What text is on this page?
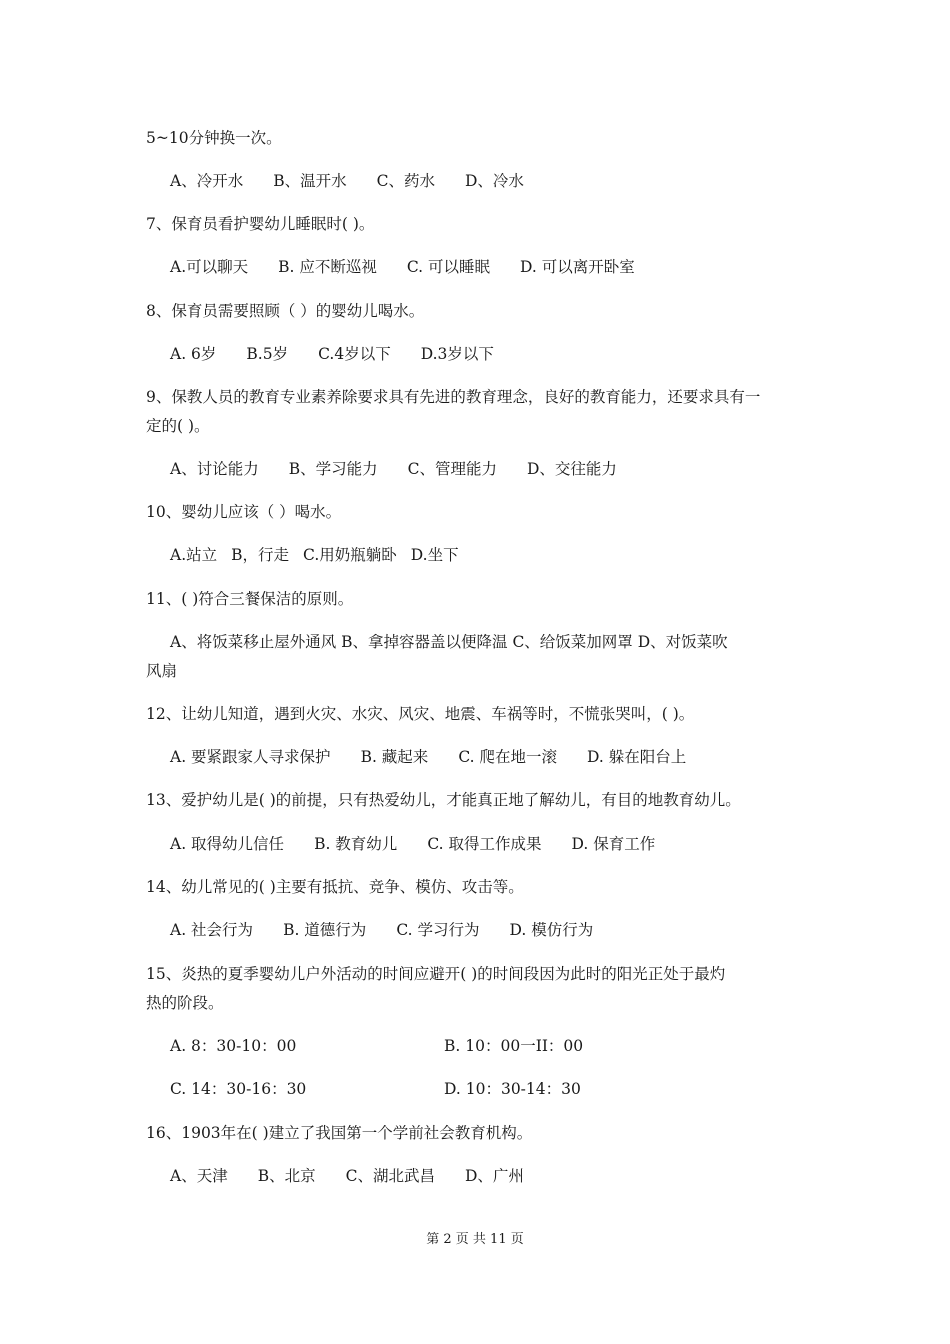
5~10分钟换一次。
A、冷开水 B、温开水 C、药水 D、冷水
7、保育员看护婴幼儿睡眠时( )。
A.可以聊天 B. 应不断巡视 C. 可以睡眠 D. 可以离开卧室
8、保育员需要照顾（ ）的婴幼儿喝水。
A. 6岁 B.5岁 C.4岁以下 D.3岁以下
9、保教人员的教育专业素养除要求具有先进的教育理念，良好的教育能力，还要求具有一
定的( )。
A、讨论能力 B、学习能力 C、管理能力 D、交往能力
10、婴幼儿应该（ ）喝水。
A.站立 B，行走 C.用奶瓶躺卧 D.坐下
11、( )符合三餐保洁的原则。
A、将饭菜移止屋外通风 B、拿掉容器盖以便降温 C、给饭菜加网罩 D、对饭菜吹
风扇
12、让幼儿知道，遇到火灾、水灾、风灾、地震、车祸等时，不慌张哭叫，( )。
A. 要紧跟家人寻求保护 B. 藏起来 C. 爬在地一滚 D. 躲在阳台上
13、爱护幼儿是( )的前提，只有热爱幼儿，才能真正地了解幼儿，有目的地教育幼儿。
A. 取得幼儿信任 B. 教育幼儿 C. 取得工作成果 D. 保育工作
14、幼儿常见的( )主要有抵抗、竞争、模仿、攻击等。
A. 社会行为 B. 道德行为 C. 学习行为 D. 模仿行为
15、炎热的夏季婴幼儿户外活动的时间应避开( )的时间段因为此时的阳光正处于最灼
热的阶段。
A. 8：30-10：00	B. 10：00一II：00
C. 14：30-16：30	D. 10：30-14：30
16、1903年在( )建立了我国第一个学前社会教育机构。
A、天津 B、北京 C、湖北武昌 D、广州
第 2 页 共 11 页
